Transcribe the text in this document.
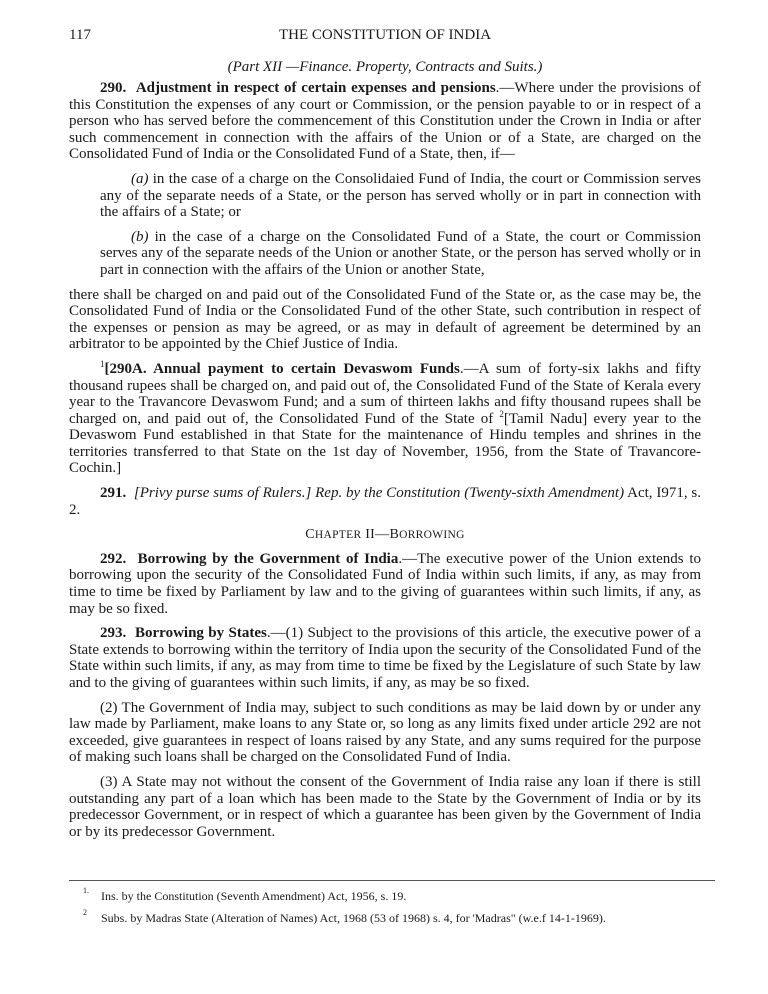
117	THE CONSTITUTION OF INDIA
(Part XII —Finance. Property, Contracts and Suits.)

290. Adjustment in respect of certain expenses and pensions.—Where under the provisions of this Constitution the expenses of any court or Commission, or the pension payable to or in respect of a person who has served before the commencement of this Constitution under the Crown in India or after such commencement in connection with the affairs of the Union or of a State, are charged on the Consolidated Fund of India or the Consolidated Fund of a State, then, if—

(a) in the case of a charge on the Consolidaied Fund of India, the court or Commission serves any of the separate needs of a State, or the person has served wholly or in part in connection with the affairs of a State; or

(b) in the case of a charge on the Consolidated Fund of a State, the court or Commission serves any of the separate needs of the Union or another State, or the person has served wholly or in part in connection with the affairs of the Union or another State,

there shall be charged on and paid out of the Consolidated Fund of the State or, as the case may be, the Consolidated Fund of India or the Consolidated Fund of the other State, such contribution in respect of the expenses or pension as may be agreed, or as may in default of agreement be determined by an arbitrator to be appointed by the Chief Justice of India.

$^1$[290A. Annual payment to certain Devaswom Funds.—A sum of forty-six lakhs and fifty thousand rupees shall be charged on, and paid out of, the Consolidated Fund of the State of Kerala every year to the Travancore Devaswom Fund; and a sum of thirteen lakhs and fifty thousand rupees shall be charged on, and paid out of, the Consolidated Fund of the State of $^2$[Tamil Nadu] every year to the Devaswom Fund established in that State for the maintenance of Hindu temples and shrines in the territories transferred to that State on the 1st day of November, 1956, from the State of Travancore-Cochin.]

291. [Privy purse sums of Rulers.] Rep. by the Constitution (Twenty-sixth Amendment) Act, I971, s. 2.

CHAPTER II—BORROWING

292. Borrowing by the Government of India.—The executive power of the Union extends to borrowing upon the security of the Consolidated Fund of India within such limits, if any, as may from time to time be fixed by Parliament by law and to the giving of guarantees within such limits, if any, as may be so fixed.

293. Borrowing by States.—(1) Subject to the provisions of this article, the executive power of a State extends to borrowing within the territory of India upon the security of the Consolidated Fund of the State within such limits, if any, as may from time to time be fixed by the Legislature of such State by law and to the giving of guarantees within such limits, if any, as may be so fixed.

(2) The Government of India may, subject to such conditions as may be laid down by or under any law made by Parliament, make loans to any State or, so long as any limits fixed under article 292 are not exceeded, give guarantees in respect of loans raised by any State, and any sums required for the purpose of making such loans shall be charged on the Consolidated Fund of India.

(3) A State may not without the consent of the Government of India raise any loan if there is still outstanding any part of a loan which has been made to the State by the Government of India or by its predecessor Government, or in respect of which a guarantee has been given by the Government of India or by its predecessor Government.

1. Ins. by the Constitution (Seventh Amendment) Act, 1956, s. 19.
2 Subs. by Madras State (Alteration of Names) Act, 1968 (53 of 1968) s. 4, for 'Madras" (w.e.f 14-1-1969).
